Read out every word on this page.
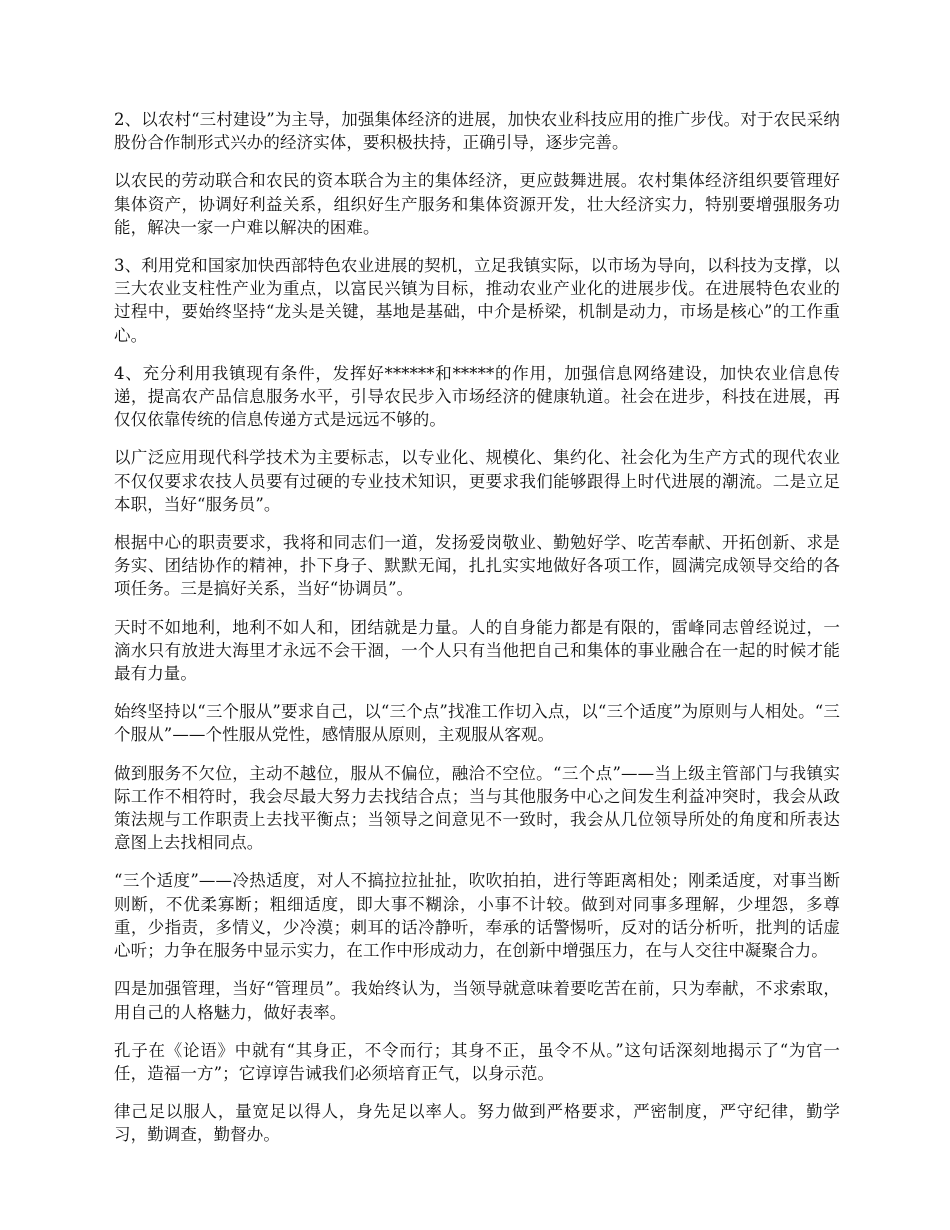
2、以农村“三村建设”为主导，加强集体经济的进展，加快农业科技应用的推广步伐。对于农民采纳股份合作制形式兴办的经济实体，要积极扶持，正确引导，逐步完善。

以农民的劳动联合和农民的资本联合为主的集体经济，更应鼓舞进展。农村集体经济组织要管理好集体资产，协调好利益关系，组织好生产服务和集体资源开发，壮大经济实力，特别要增强服务功能，解决一家一户难以解决的困难。

3、利用党和国家加快西部特色农业进展的契机，立足我镇实际，以市场为导向，以科技为支撑，以三大农业支柱性产业为重点，以富民兴镇为目标，推动农业产业化的进展步伐。在进展特色农业的过程中，要始终坚持“龙头是关键，基地是基础，中介是桥梁，机制是动力，市场是核心”的工作重心。

4、充分利用我镇现有条件，发挥好******和*****的作用，加强信息网络建设，加快农业信息传递，提高农产品信息服务水平，引导农民步入市场经济的健康轨道。社会在进步，科技在进展，再仅仅依靠传统的信息传递方式是远远不够的。

以广泛应用现代科学技术为主要标志，以专业化、规模化、集约化、社会化为生产方式的现代农业不仅仅要求农技人员要有过硬的专业技术知识，更要求我们能够跟得上时代进展的潮流。二是立足本职，当好“服务员”。

根据中心的职责要求，我将和同志们一道，发扬爱岗敬业、勤勉好学、吃苦奉献、开拓创新、求是务实、团结协作的精神，扑下身子、默默无闻，扎扎实实地做好各项工作，圆满完成领导交给的各项任务。三是搞好关系，当好“协调员”。

天时不如地利，地利不如人和，团结就是力量。人的自身能力都是有限的，雷峰同志曾经说过，一滴水只有放进大海里才永远不会干涸，一个人只有当他把自己和集体的事业融合在一起的时候才能最有力量。

始终坚持以“三个服从”要求自己，以“三个点”找准工作切入点，以“三个适度”为原则与人相处。“三个服从”——个性服从党性，感情服从原则，主观服从客观。

做到服务不欠位，主动不越位，服从不偏位，融洽不空位。“三个点”——当上级主管部门与我镇实际工作不相符时，我会尽最大努力去找结合点；当与其他服务中心之间发生利益冲突时，我会从政策法规与工作职责上去找平衡点；当领导之间意见不一致时，我会从几位领导所处的角度和所表达意图上去找相同点。

“三个适度”——冷热适度，对人不搞拉拉扯扯，吹吹拍拍，进行等距离相处；刚柔适度，对事当断则断，不优柔寡断；粗细适度，即大事不糊涂，小事不计较。做到对同事多理解，少埋怨，多尊重，少指责，多情义，少冷漠；刺耳的话冷静听，奉承的话警惕听，反对的话分析听，批判的话虚心听；力争在服务中显示实力，在工作中形成动力，在创新中增强压力，在与人交往中凝聚合力。

四是加强管理，当好“管理员”。我始终认为，当领导就意味着要吃苦在前，只为奉献，不求索取，用自己的人格魅力，做好表率。

孔子在《论语》中就有“其身正，不令而行；其身不正，虽令不从。”这句话深刻地揭示了“为官一任，造福一方”；它谆谆告诫我们必须培育正气，以身示范。

律己足以服人，量宽足以得人，身先足以率人。努力做到严格要求，严密制度，严守纪律，勤学习，勤调查，勤督办。
